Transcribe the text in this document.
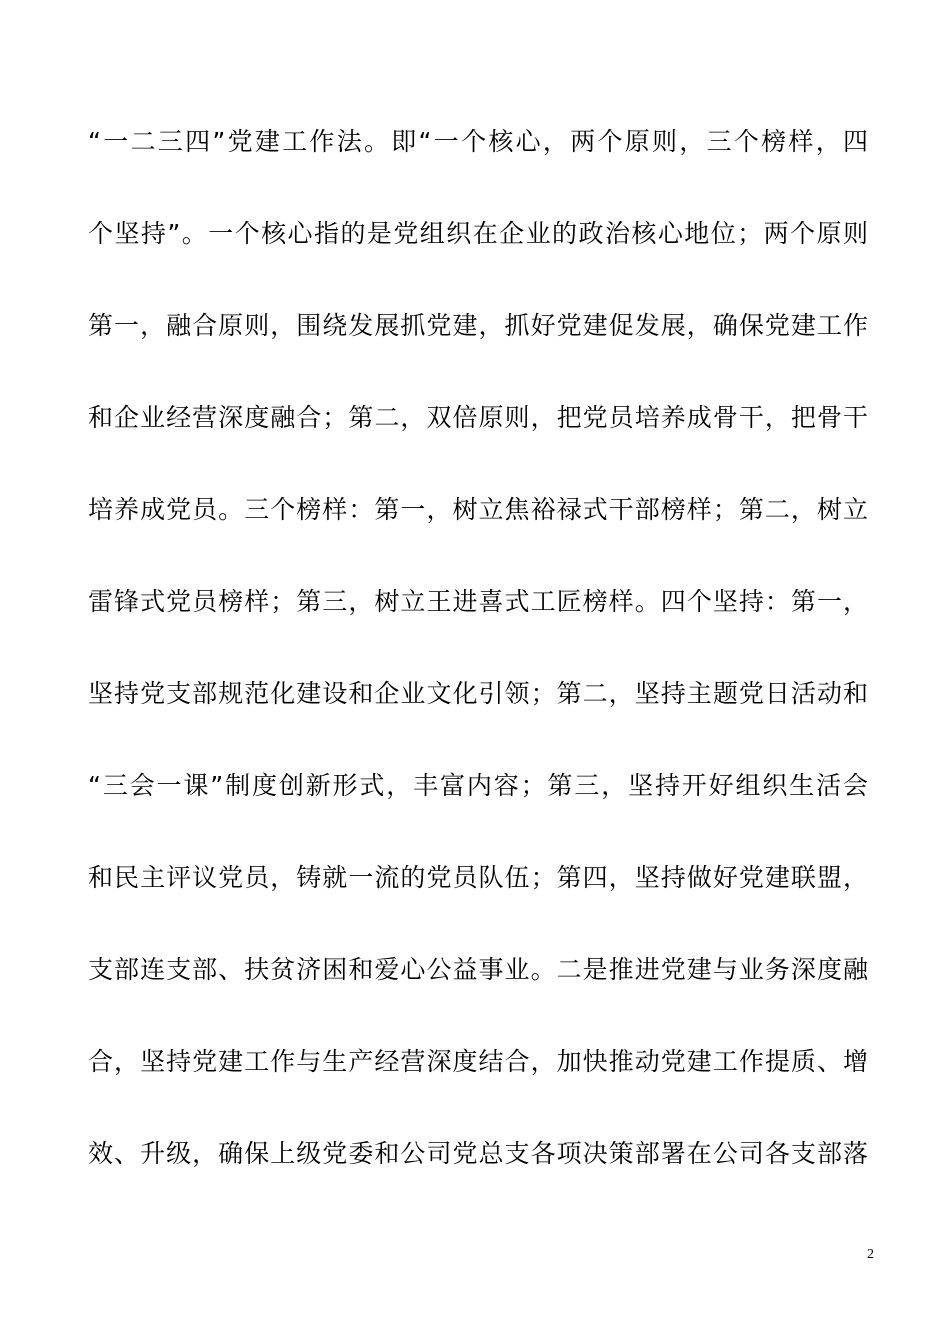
“一二三四”党建工作法。即“一个核心，两个原则，三个榜样，四
个坚持”。一个核心指的是党组织在企业的政治核心地位；两个原则
第一，融合原则，围绕发展抓党建，抓好党建促发展，确保党建工作
和企业经营深度融合；第二，双倍原则，把党员培养成骨干，把骨干
培养成党员。三个榜样：第一，树立焦裕禄式干部榜样；第二，树立
雷锋式党员榜样；第三，树立王进喜式工匠榜样。四个坚持：第一，
坚持党支部规范化建设和企业文化引领；第二，坚持主题党日活动和
“三会一课”制度创新形式，丰富内容；第三，坚持开好组织生活会
和民主评议党员，铸就一流的党员队伍；第四，坚持做好党建联盟，
支部连支部、扶贫济困和爱心公益事业。二是推进党建与业务深度融
合，坚持党建工作与生产经营深度结合，加快推动党建工作提质、增
效、升级，确保上级党委和公司党总支各项决策部署在公司各支部落
2
